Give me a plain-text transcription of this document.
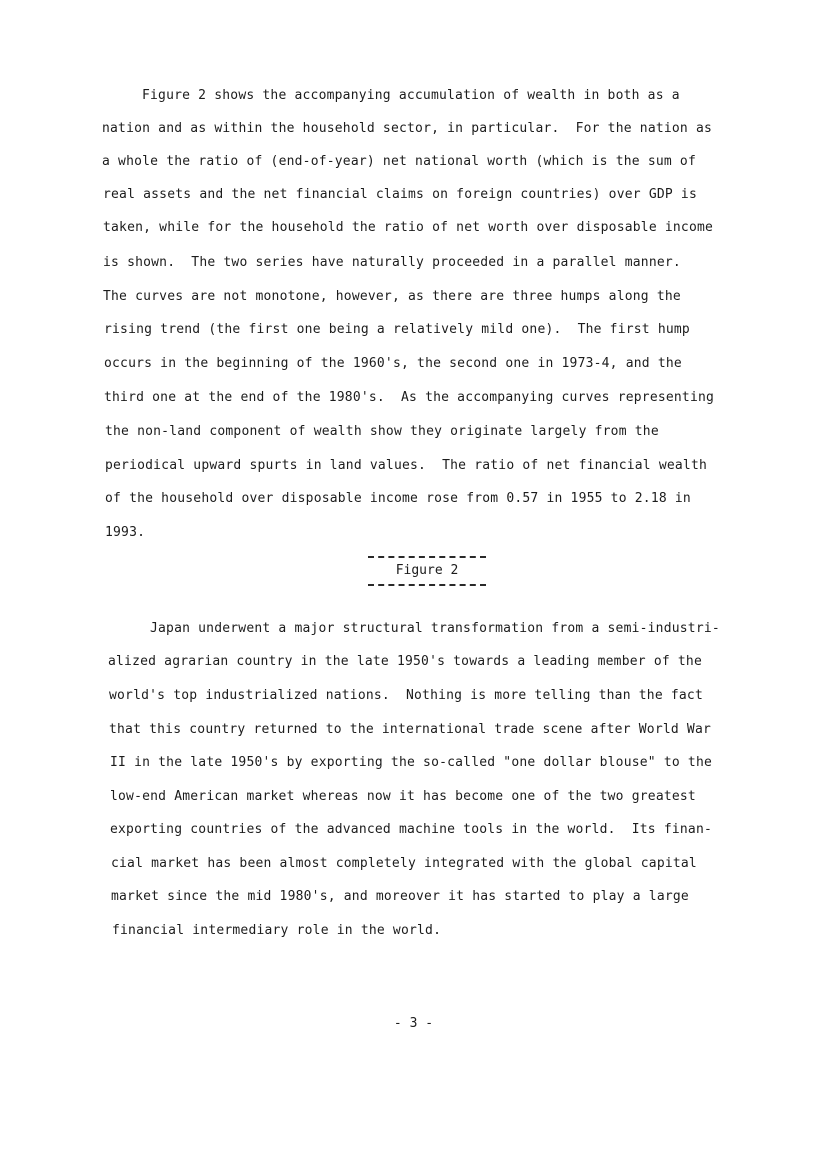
Figure 2 shows the accompanying accumulation of wealth in both as a

nation and as within the household sector, in particular.  For the nation as

a whole the ratio of (end-of-year) net national worth (which is the sum of

real assets and the net financial claims on foreign countries) over GDP is

taken, while for the household the ratio of net worth over disposable income

is shown.  The two series have naturally proceeded in a parallel manner.

The curves are not monotone, however, as there are three humps along the

rising trend (the first one being a relatively mild one).  The first hump

occurs in the beginning of the 1960's, the second one in 1973-4, and the

third one at the end of the 1980's.  As the accompanying curves representing

the non-land component of wealth show they originate largely from the

periodical upward spurts in land values.  The ratio of net financial wealth

of the household over disposable income rose from 0.57 in 1955 to 2.18 in

1993.

Figure 2

Japan underwent a major structural transformation from a semi-industri-

alized agrarian country in the late 1950's towards a leading member of the

world's top industrialized nations.  Nothing is more telling than the fact

that this country returned to the international trade scene after World War

II in the late 1950's by exporting the so-called "one dollar blouse" to the

low-end American market whereas now it has become one of the two greatest

exporting countries of the advanced machine tools in the world.  Its finan-

cial market has been almost completely integrated with the global capital

market since the mid 1980's, and moreover it has started to play a large

financial intermediary role in the world.

- 3 -
